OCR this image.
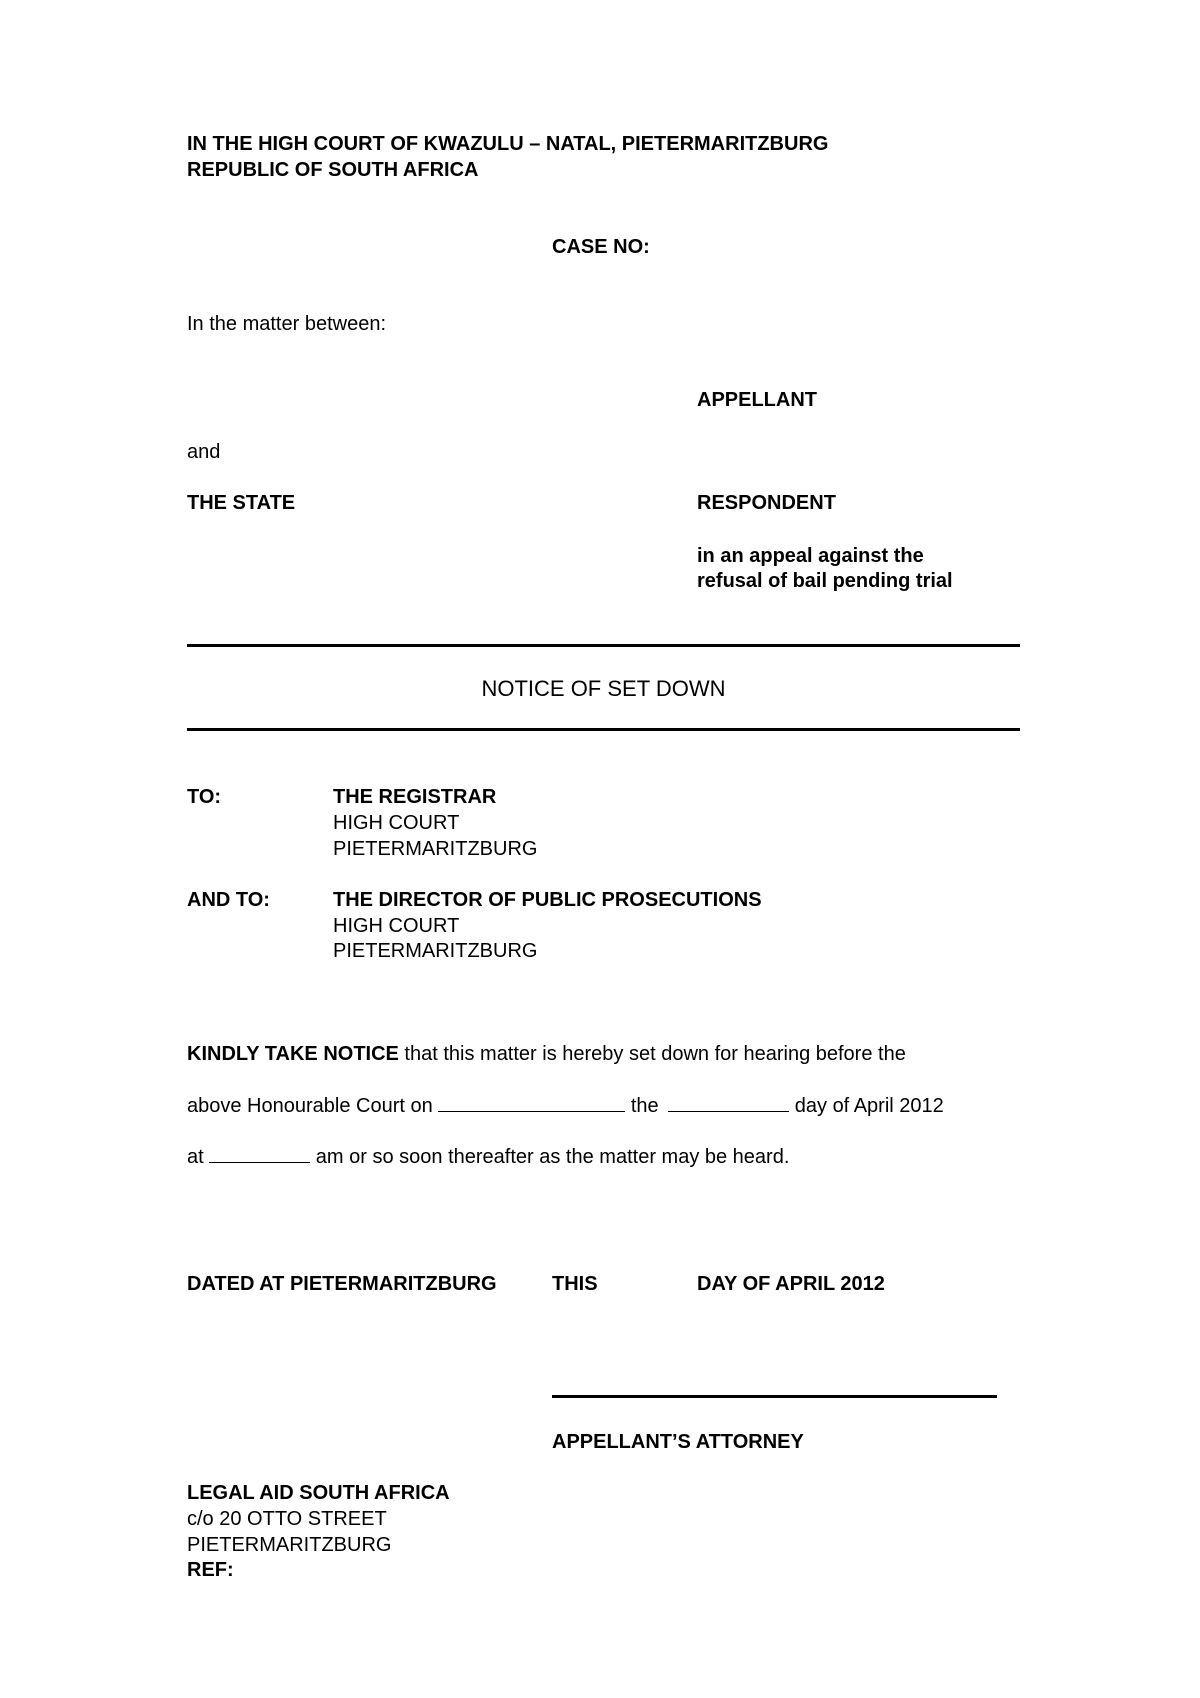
IN THE HIGH COURT OF KWAZULU – NATAL, PIETERMARITZBURG
REPUBLIC OF SOUTH AFRICA
CASE NO:
In the matter between:
APPELLANT
and
THE STATE	RESPONDENT
in an appeal against the
refusal of bail pending trial
NOTICE OF SET DOWN
TO:	THE REGISTRAR
HIGH COURT
PIETERMARITZBURG
AND TO:	THE DIRECTOR OF PUBLIC PROSECUTIONS
HIGH COURT
PIETERMARITZBURG
KINDLY TAKE NOTICE that this matter is hereby set down for hearing before the
above Honourable Court on	the	day of April 2012
at	am or so soon thereafter as the matter may be heard.
DATED AT PIETERMARITZBURG	THIS	DAY OF APRIL 2012
APPELLANT’S ATTORNEY
LEGAL AID SOUTH AFRICA
c/o 20 OTTO STREET
PIETERMARITZBURG
REF:
